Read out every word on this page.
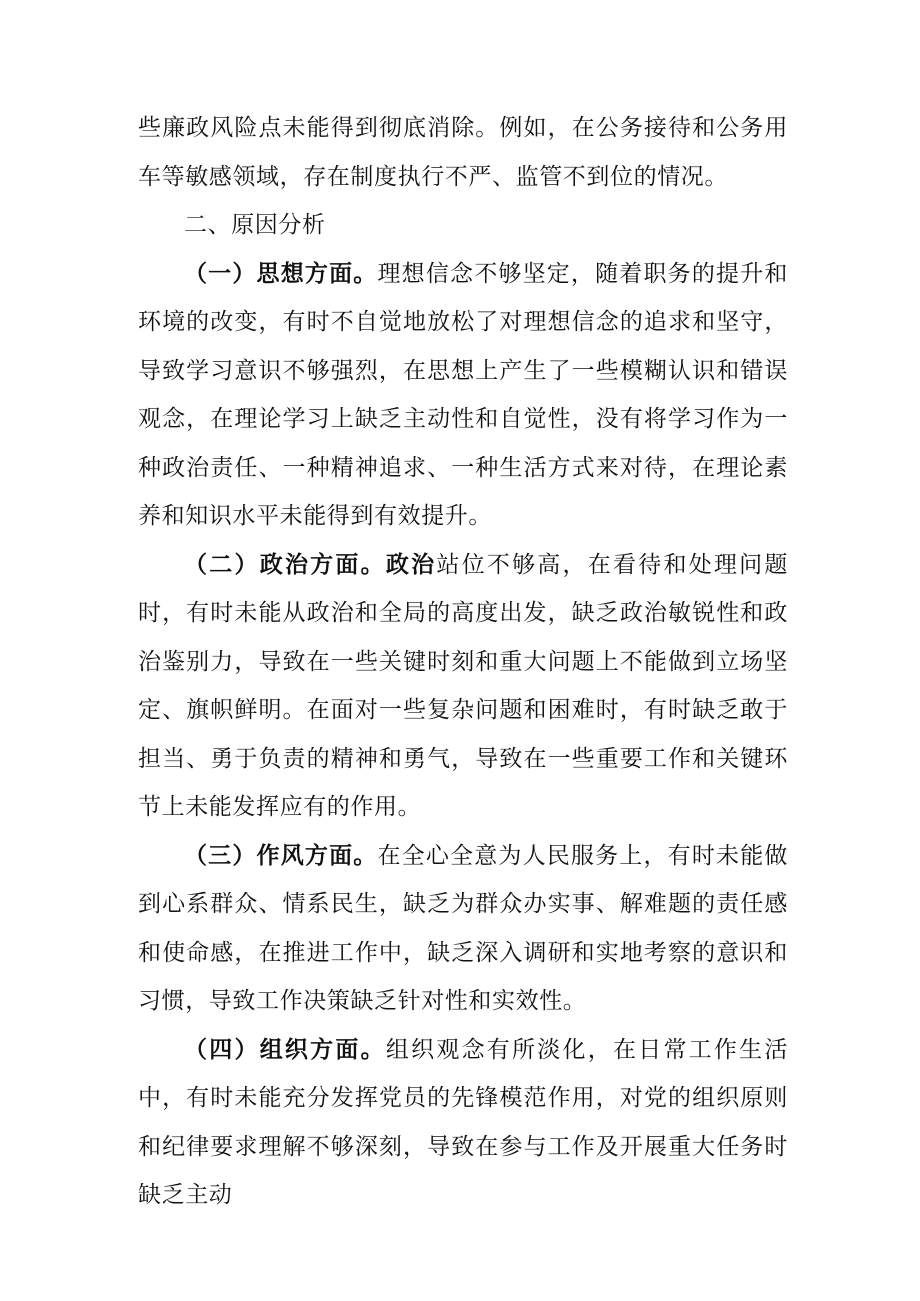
些廉政风险点未能得到彻底消除。例如，在公务接待和公务用车等敏感领域，存在制度执行不严、监管不到位的情况。

二、原因分析

（一）思想方面。理想信念不够坚定，随着职务的提升和环境的改变，有时不自觉地放松了对理想信念的追求和坚守，导致学习意识不够强烈，在思想上产生了一些模糊认识和错误观念，在理论学习上缺乏主动性和自觉性，没有将学习作为一种政治责任、一种精神追求、一种生活方式来对待，在理论素养和知识水平未能得到有效提升。

（二）政治方面。政治站位不够高，在看待和处理问题时，有时未能从政治和全局的高度出发，缺乏政治敏锐性和政治鉴别力，导致在一些关键时刻和重大问题上不能做到立场坚定、旗帜鲜明。在面对一些复杂问题和困难时，有时缺乏敢于担当、勇于负责的精神和勇气，导致在一些重要工作和关键环节上未能发挥应有的作用。

（三）作风方面。在全心全意为人民服务上，有时未能做到心系群众、情系民生，缺乏为群众办实事、解难题的责任感和使命感，在推进工作中，缺乏深入调研和实地考察的意识和习惯，导致工作决策缺乏针对性和实效性。

（四）组织方面。组织观念有所淡化，在日常工作生活中，有时未能充分发挥党员的先锋模范作用，对党的组织原则和纪律要求理解不够深刻，导致在参与工作及开展重大任务时缺乏主动
